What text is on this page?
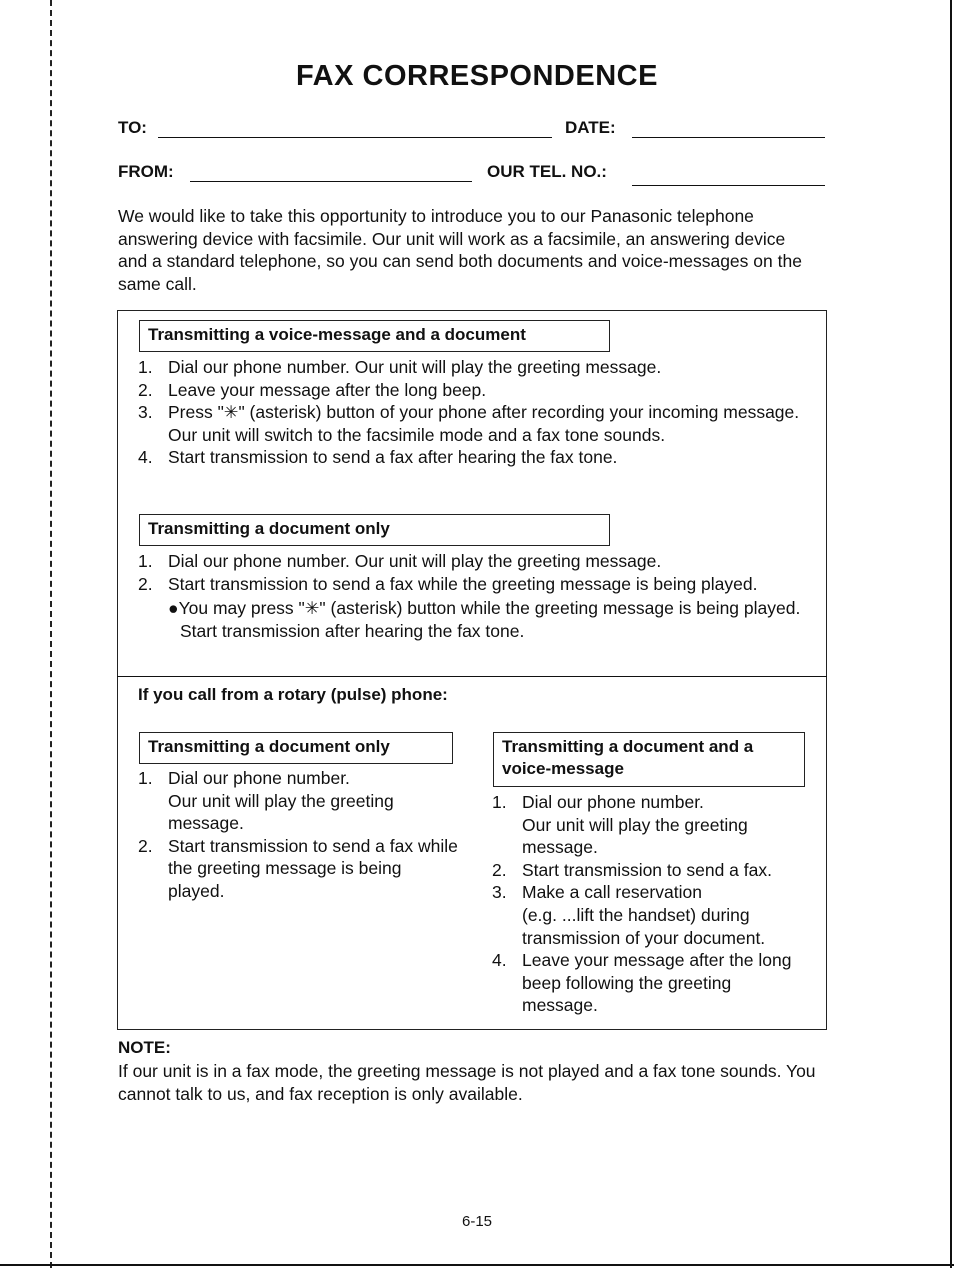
FAX CORRESPONDENCE
TO:	DATE:
FROM:	OUR TEL. NO.:
We would like to take this opportunity to introduce you to our Panasonic telephone answering device with facsimile. Our unit will work as a facsimile, an answering device and a standard telephone, so you can send both documents and voice-messages on the same call.
Transmitting a voice-message and a document
1. Dial our phone number. Our unit will play the greeting message.
2. Leave your message after the long beep.
3. Press "✳" (asterisk) button of your phone after recording your incoming message.
Our unit will switch to the facsimile mode and a fax tone sounds.
4. Start transmission to send a fax after hearing the fax tone.
Transmitting a document only
1. Dial our phone number. Our unit will play the greeting message.
2. Start transmission to send a fax while the greeting message is being played.
●You may press "✳" (asterisk) button while the greeting message is being played. Start transmission after hearing the fax tone.
If you call from a rotary (pulse) phone:
Transmitting a document only
1. Dial our phone number.
Our unit will play the greeting message.
2. Start transmission to send a fax while the greeting message is being played.
Transmitting a document and a
voice-message
1. Dial our phone number.
Our unit will play the greeting message.
2. Start transmission to send a fax.
3. Make a call reservation
(e.g. ...lift the handset) during transmission of your document.
4. Leave your message after the long beep following the greeting message.
NOTE:
If our unit is in a fax mode, the greeting message is not played and a fax tone sounds. You cannot talk to us, and fax reception is only available.
6-15
